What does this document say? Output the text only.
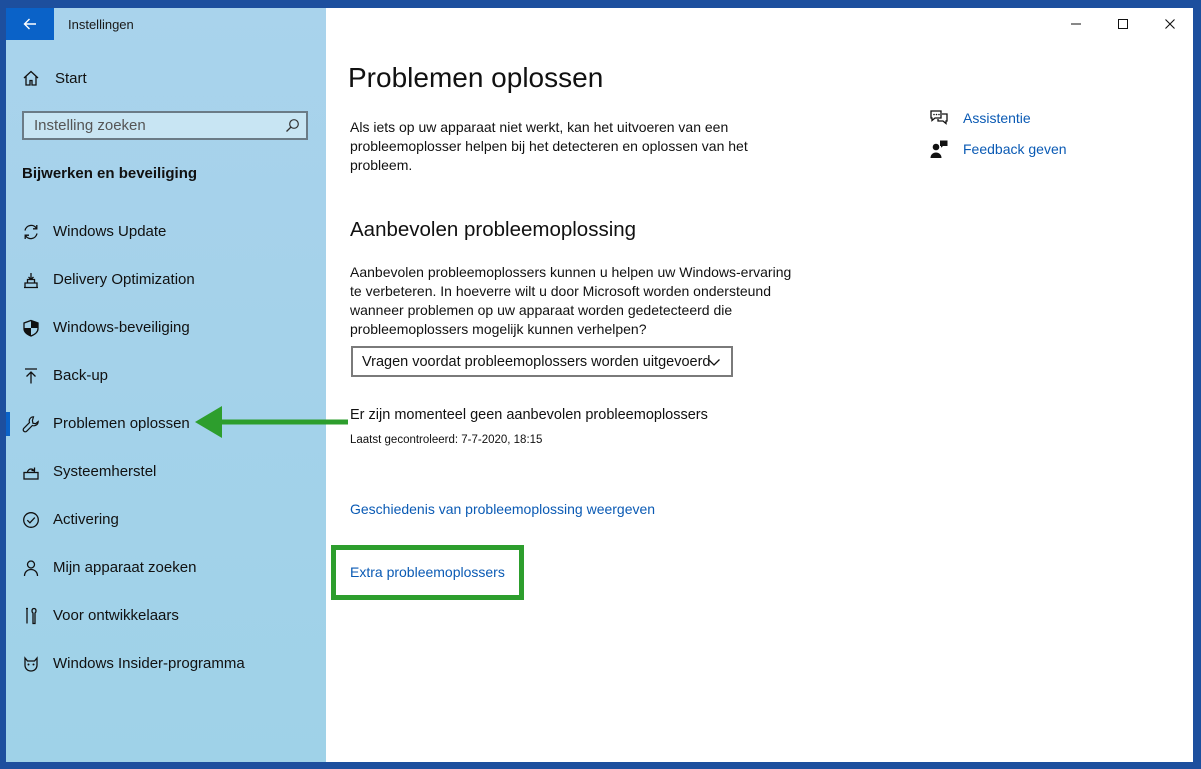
Instellingen
Start
Instelling zoeken
Bijwerken en beveiliging
Windows Update
Delivery Optimization
Windows-beveiliging
Back-up
Problemen oplossen
Systeemherstel
Activering
Mijn apparaat zoeken
Voor ontwikkelaars
Windows Insider-programma
Problemen oplossen
Als iets op uw apparaat niet werkt, kan het uitvoeren van een probleemoplosser helpen bij het detecteren en oplossen van het probleem.
Aanbevolen probleemoplossing
Aanbevolen probleemoplossers kunnen u helpen uw Windows-ervaring te verbeteren. In hoeverre wilt u door Microsoft worden ondersteund wanneer problemen op uw apparaat worden gedetecteerd die probleemoplossers mogelijk kunnen verhelpen?
Vragen voordat probleemoplossers worden uitgevoerd
Er zijn momenteel geen aanbevolen probleemoplossers
Laatst gecontroleerd: 7-7-2020, 18:15
Geschiedenis van probleemoplossing weergeven
Extra probleemoplossers
Assistentie
Feedback geven
